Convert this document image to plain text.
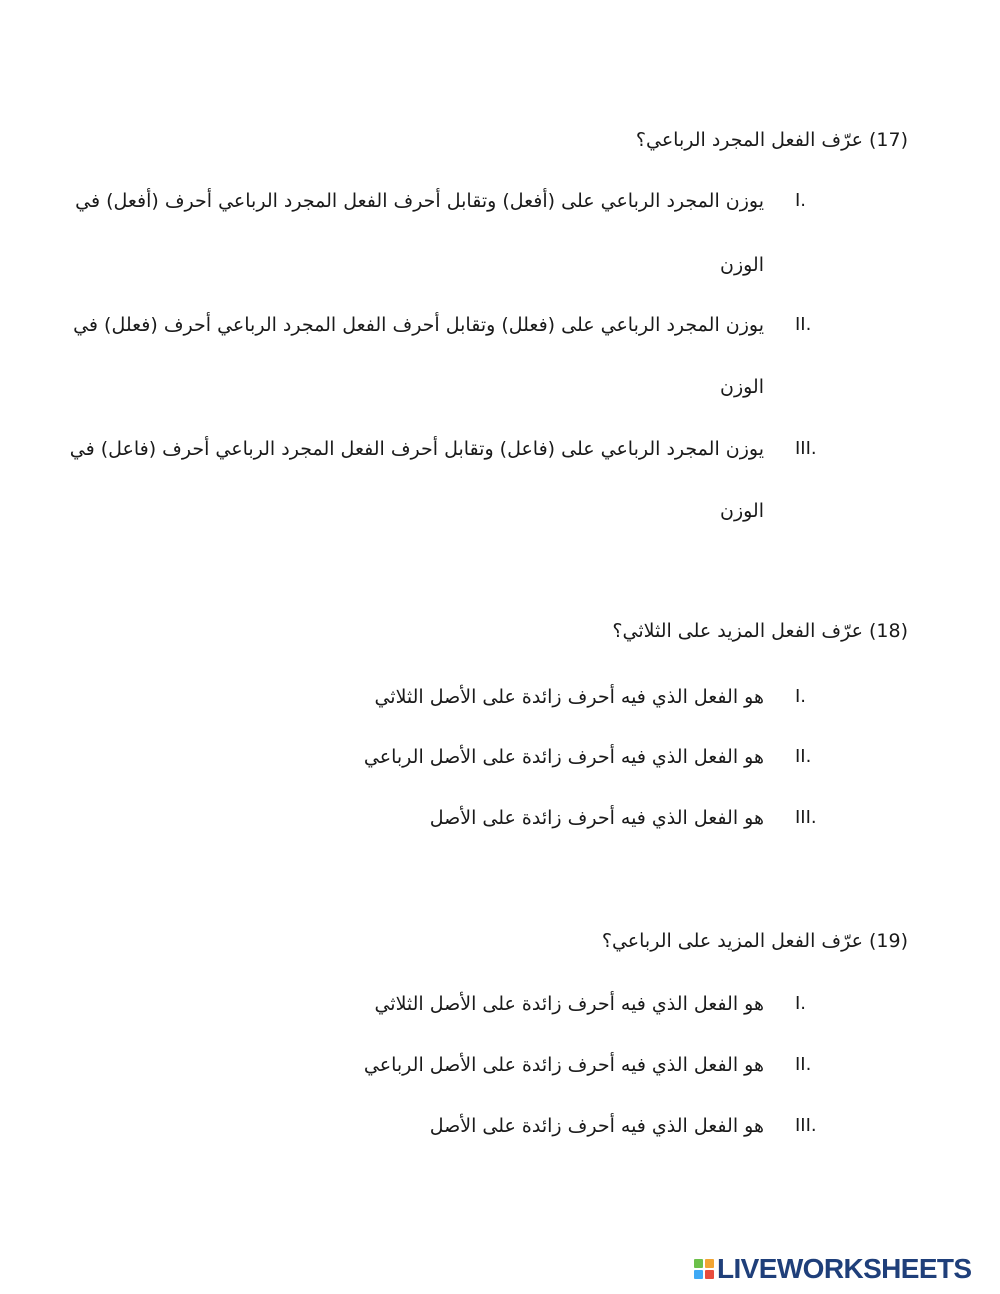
(17) عرّف الفعل المجرد الرباعي؟
I.
يوزن المجرد الرباعي على (أفعل) وتقابل أحرف الفعل المجرد الرباعي أحرف (أفعل) في
الوزن
II.
يوزن المجرد الرباعي على (فعلل) وتقابل أحرف الفعل المجرد الرباعي أحرف (فعلل) في
الوزن
III.
يوزن المجرد الرباعي على (فاعل) وتقابل أحرف الفعل المجرد الرباعي أحرف (فاعل) في
الوزن
(18) عرّف الفعل المزيد على الثلاثي؟
I.
هو الفعل الذي فيه أحرف زائدة على الأصل الثلاثي
II.
هو الفعل الذي فيه أحرف زائدة على الأصل الرباعي
III.
هو الفعل الذي فيه أحرف زائدة على الأصل
(19) عرّف الفعل المزيد على الرباعي؟
I.
هو الفعل الذي فيه أحرف زائدة على الأصل الثلاثي
II.
هو الفعل الذي فيه أحرف زائدة على الأصل الرباعي
III.
هو الفعل الذي فيه أحرف زائدة على الأصل
LIVEWORKSHEETS
